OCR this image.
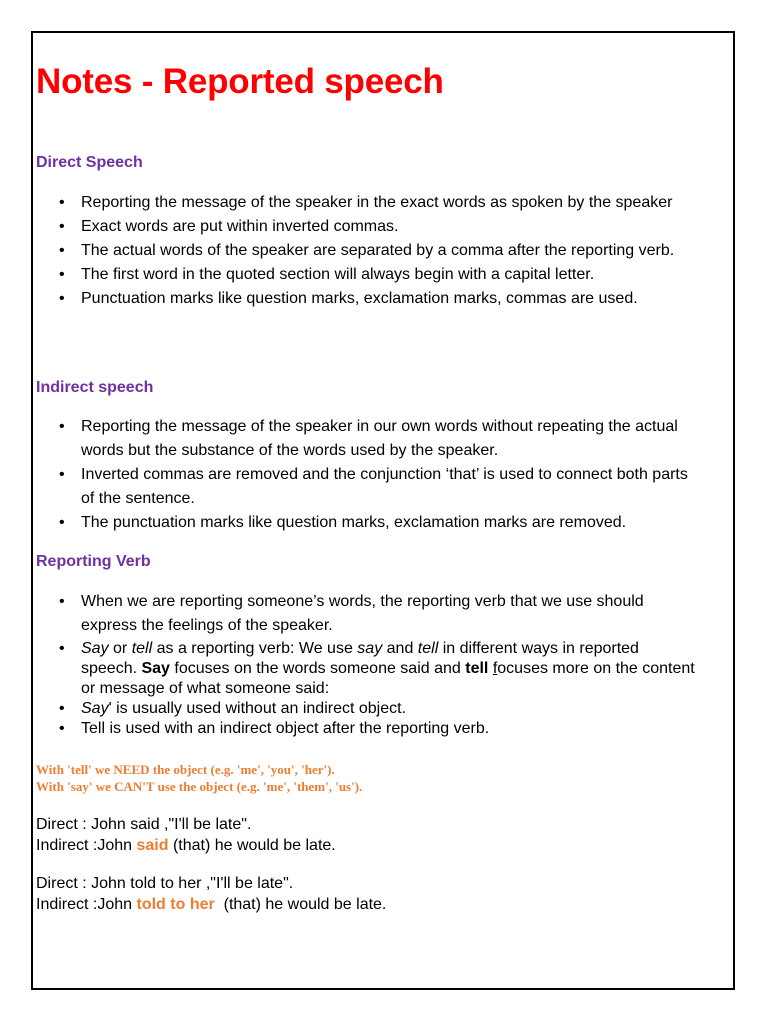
Notes - Reported speech
Direct Speech
• Reporting the message of the speaker in the exact words as spoken by the speaker
• Exact words are put within inverted commas.
• The actual words of the speaker are separated by a comma after the reporting verb.
• The first word in the quoted section will always begin with a capital letter.
• Punctuation marks like question marks, exclamation marks, commas are used.
Indirect speech
• Reporting the message of the speaker in our own words without repeating the actual words but the substance of the words used by the speaker.
• Inverted commas are removed and the conjunction ‘that’ is used to connect both parts of the sentence.
• The punctuation marks like question marks, exclamation marks are removed.
Reporting Verb
• When we are reporting someone’s words, the reporting verb that we use should express the feelings of the speaker.
• Say or tell as a reporting verb: We use say and tell in different ways in reported speech. Say focuses on the words someone said and tell focuses more on the content or message of what someone said:
• Say' is usually used without an indirect object.
• Tell is used with an indirect object after the reporting verb.
With 'tell' we NEED the object (e.g. 'me', 'you', 'her').
With 'say' we CAN'T use the object (e.g. 'me', 'them', 'us').
Direct : John said ,"I'll be late".
Indirect :John said (that) he would be late.
Direct : John told to her ,"I'll be late".
Indirect :John told to her  (that) he would be late.
